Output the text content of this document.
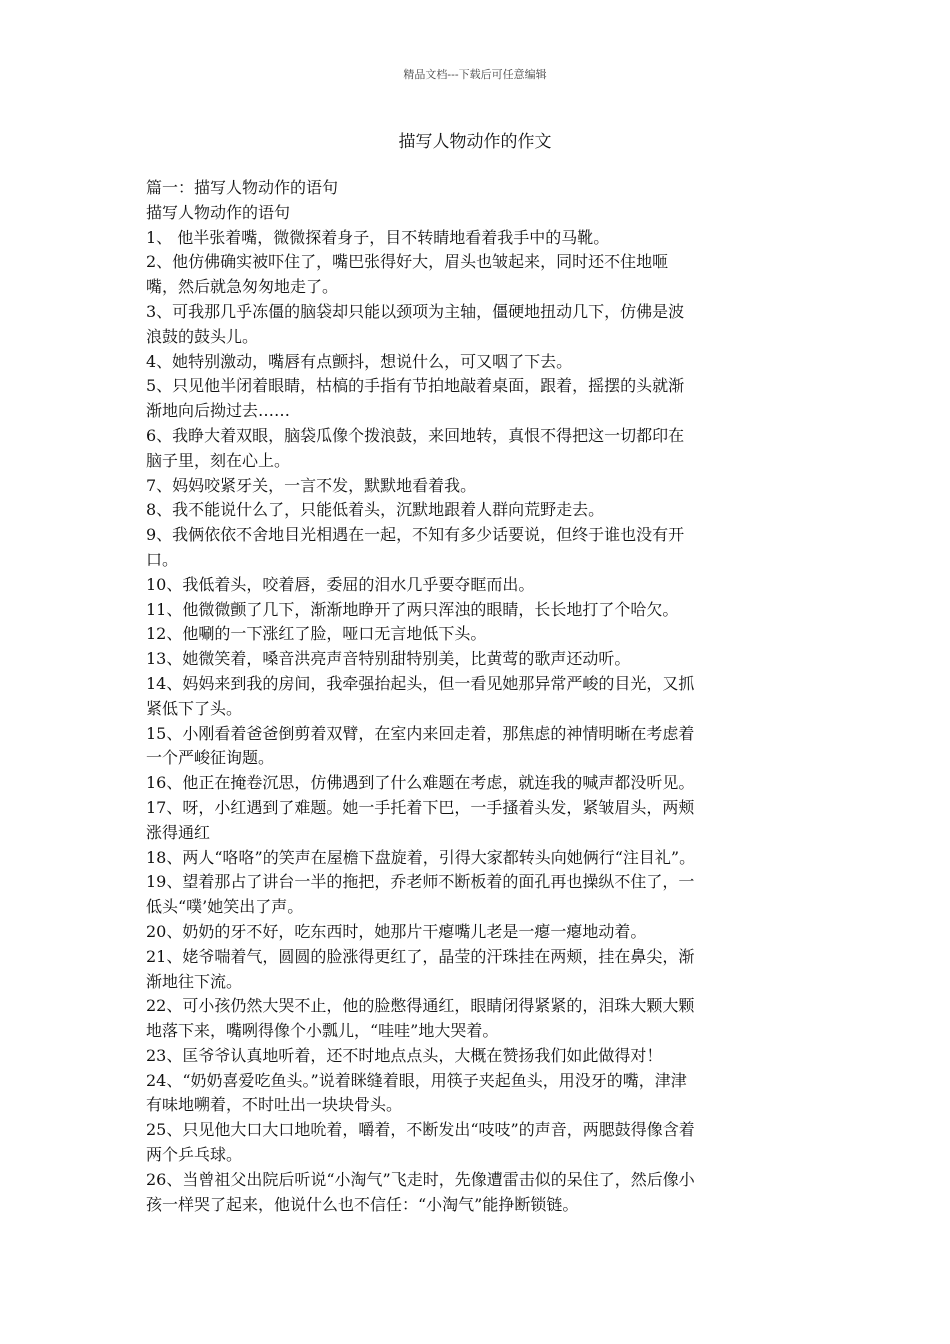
精品文档---下载后可任意编辑
描写人物动作的作文

篇一：描写人物动作的语句

描写人物动作的语句

1、 他半张着嘴，微微探着身子，目不转睛地看着我手中的马靴。

2、他仿佛确实被吓住了，嘴巴张得好大，眉头也皱起来，同时还不住地咂

嘴，然后就急匆匆地走了。

3、可我那几乎冻僵的脑袋却只能以颈项为主轴，僵硬地扭动几下，仿佛是波

浪鼓的鼓头儿。

4、她特别激动，嘴唇有点颤抖，想说什么，可又咽了下去。

5、只见他半闭着眼睛，枯槁的手指有节拍地敲着桌面，跟着，摇摆的头就渐

渐地向后拗过去……

6、我睁大着双眼，脑袋瓜像个拨浪鼓，来回地转，真恨不得把这一切都印在

脑子里，刻在心上。

7、妈妈咬紧牙关，一言不发，默默地看着我。

8、我不能说什么了，只能低着头，沉默地跟着人群向荒野走去。

9、我俩依依不舍地目光相遇在一起，不知有多少话要说，但终于谁也没有开

口。

10、我低着头，咬着唇，委屈的泪水几乎要夺眶而出。

11、他微微颤了几下，渐渐地睁开了两只浑浊的眼睛，长长地打了个哈欠。

12、他唰的一下涨红了脸，哑口无言地低下头。

13、她微笑着，嗓音洪亮声音特别甜特别美，比黄莺的歌声还动听。

14、妈妈来到我的房间，我牵强抬起头，但一看见她那异常严峻的目光，又抓

紧低下了头。

15、小刚看着爸爸倒剪着双臂，在室内来回走着，那焦虑的神情明晰在考虑着

一个严峻征询题。

16、他正在掩卷沉思，仿佛遇到了什么难题在考虑，就连我的喊声都没听见。

17、呀，小红遇到了难题。她一手托着下巴，一手搔着头发，紧皱眉头，两颊

涨得通红

18、两人“咯咯”的笑声在屋檐下盘旋着，引得大家都转头向她俩行“注目礼”。

19、望着那占了讲台一半的拖把，乔老师不断板着的面孔再也操纵不住了，一

低头“噗’她笑出了声。

20、奶奶的牙不好，吃东西时，她那片干瘪嘴儿老是一瘪一瘪地动着。

21、姥爷喘着气，圆圆的脸涨得更红了，晶莹的汗珠挂在两颊，挂在鼻尖，渐

渐地往下流。

22、可小孩仍然大哭不止，他的脸憋得通红，眼睛闭得紧紧的，泪珠大颗大颗

地落下来，嘴咧得像个小瓢儿，“哇哇”地大哭着。

23、匡爷爷认真地听着，还不时地点点头，大概在赞扬我们如此做得对！

24、“奶奶喜爱吃鱼头。”说着眯缝着眼，用筷子夹起鱼头，用没牙的嘴，津津

有味地嗍着，不时吐出一块块骨头。

25、只见他大口大口地吮着，嚼着，不断发出“吱吱”的声音，两腮鼓得像含着

两个乒乓球。

26、当曾祖父出院后听说“小淘气”飞走时，先像遭雷击似的呆住了，然后像小

孩一样哭了起来，他说什么也不信任：“小淘气”能挣断锁链。
